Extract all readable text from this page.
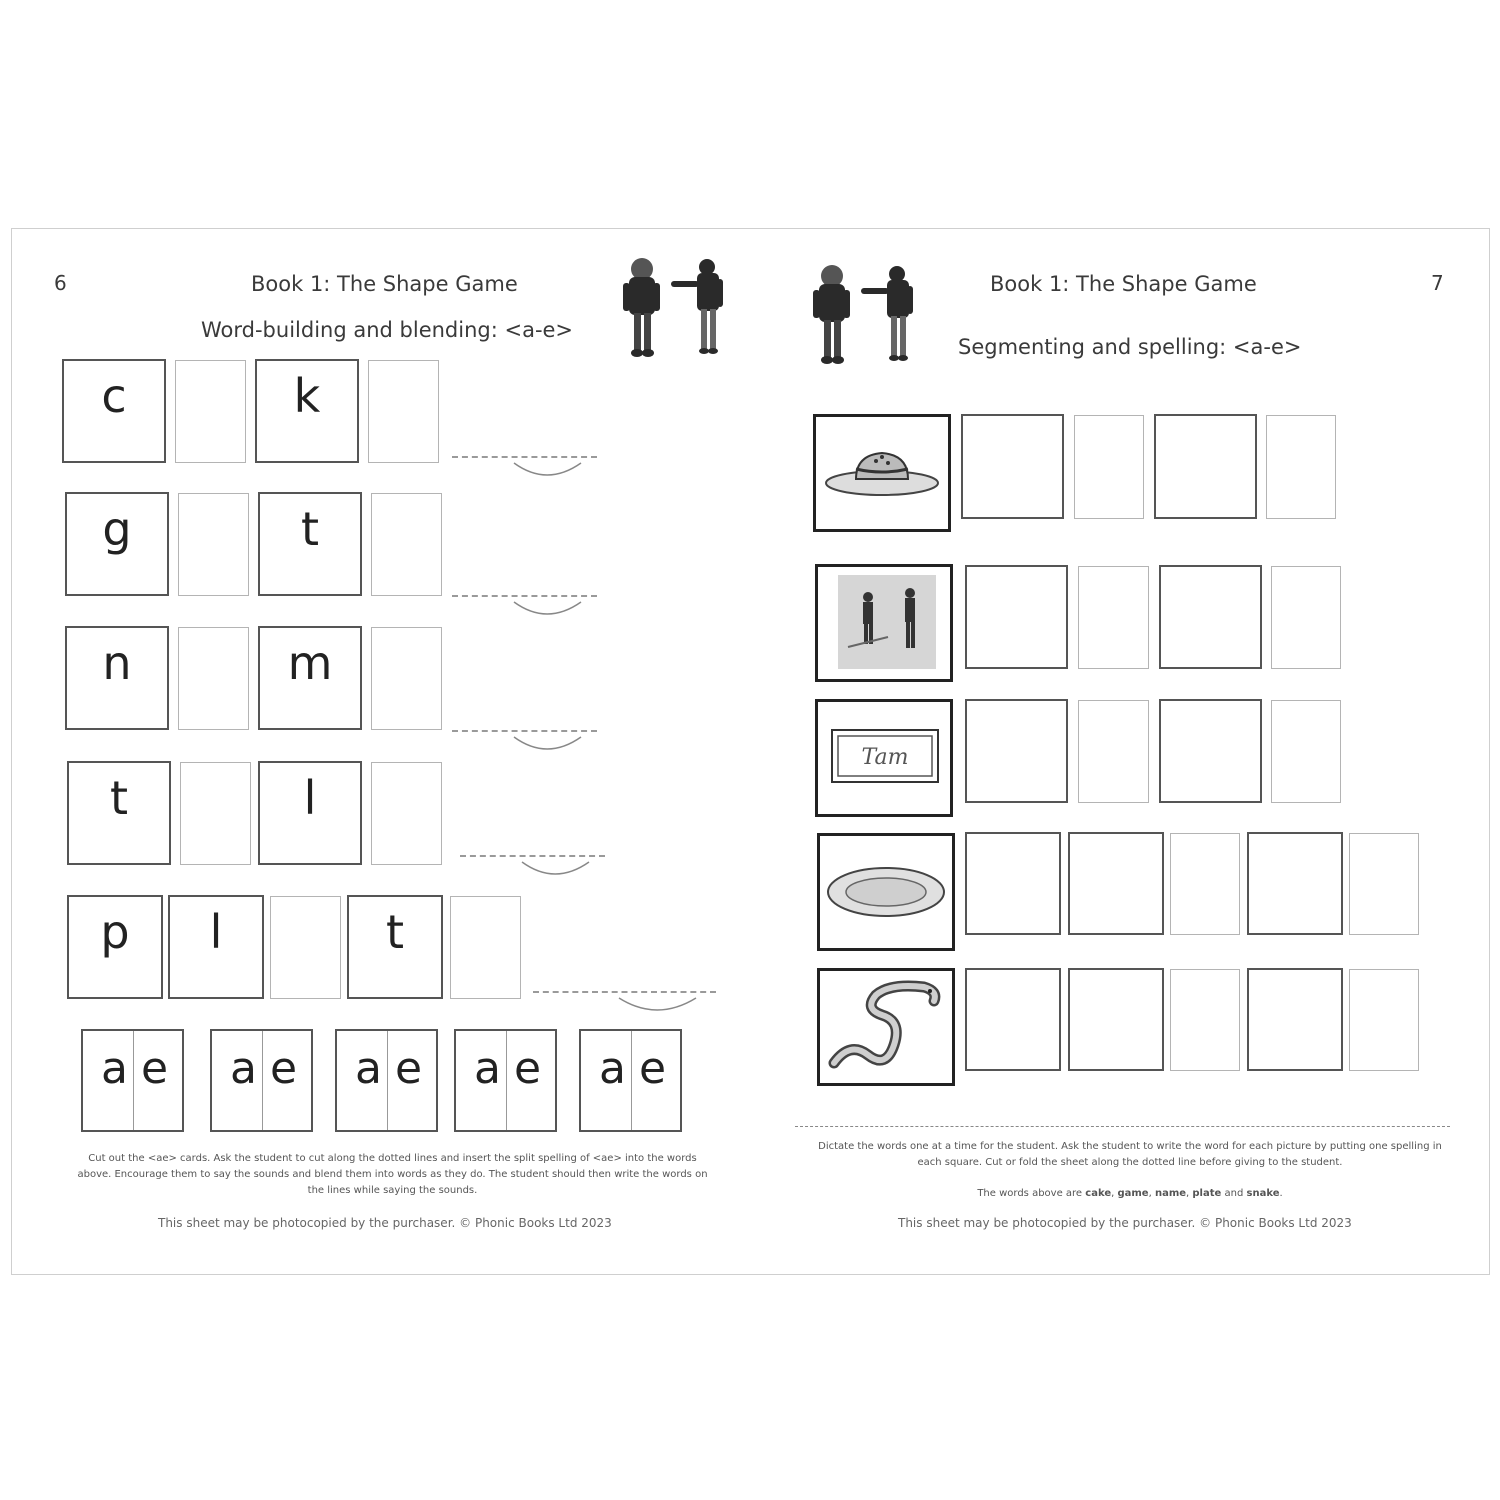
6	Book 1: The Shape Game
Word-building and blending: <a-e>
c	k
g	t
n	m
t	l
p l	t
a e a e a e a e a e
Cut out the <ae> cards. Ask the student to cut along the dotted lines and insert the split spelling of <ae> into the words above. Encourage them to say the sounds and blend them into words as they do. The student should then write the words on the lines while saying the sounds.
This sheet may be photocopied by the purchaser. © Phonic Books Ltd 2023
7
Book 1: The Shape Game
Segmenting and spelling: <a-e>
Tam
Dictate the words one at a time for the student. Ask the student to write the word for each picture by putting one spelling in each square. Cut or fold the sheet along the dotted line before giving to the student.
The words above are cake, game, name, plate and snake.
This sheet may be photocopied by the purchaser. © Phonic Books Ltd 2023
